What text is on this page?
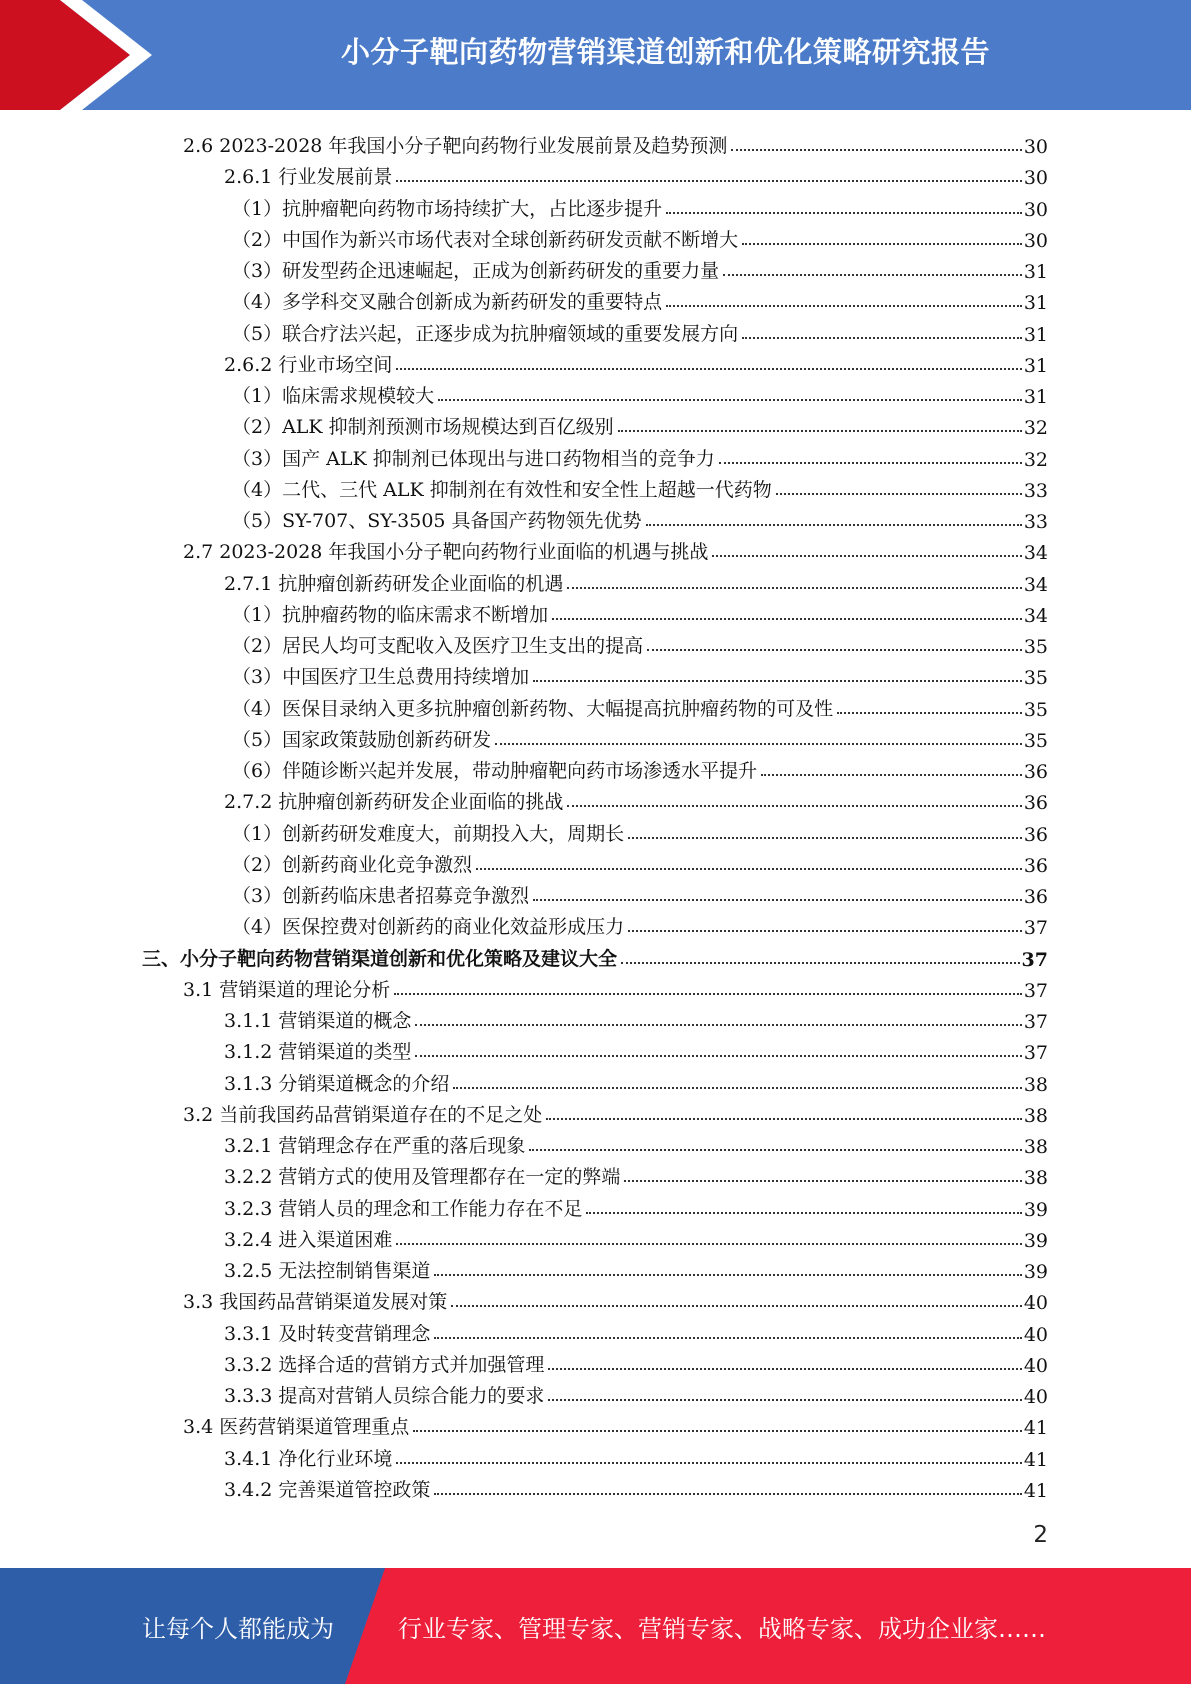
小分子靶向药物营销渠道创新和优化策略研究报告
2.6 2023-2028 年我国小分子靶向药物行业发展前景及趋势预测	30
2.6.1 行业发展前景	30
（1）抗肿瘤靶向药物市场持续扩大，占比逐步提升	30
（2）中国作为新兴市场代表对全球创新药研发贡献不断增大	30
（3）研发型药企迅速崛起，正成为创新药研发的重要力量	31
（4）多学科交叉融合创新成为新药研发的重要特点	31
（5）联合疗法兴起，正逐步成为抗肿瘤领域的重要发展方向	31
2.6.2 行业市场空间	31
（1）临床需求规模较大	31
（2）ALK 抑制剂预测市场规模达到百亿级别	32
（3）国产 ALK 抑制剂已体现出与进口药物相当的竞争力	32
（4）二代、三代 ALK 抑制剂在有效性和安全性上超越一代药物	33
（5）SY-707、SY-3505 具备国产药物领先优势	33
2.7 2023-2028 年我国小分子靶向药物行业面临的机遇与挑战	34
2.7.1 抗肿瘤创新药研发企业面临的机遇	34
（1）抗肿瘤药物的临床需求不断增加	34
（2）居民人均可支配收入及医疗卫生支出的提高	35
（3）中国医疗卫生总费用持续增加	35
（4）医保目录纳入更多抗肿瘤创新药物、大幅提高抗肿瘤药物的可及性	35
（5）国家政策鼓励创新药研发	35
（6）伴随诊断兴起并发展，带动肿瘤靶向药市场渗透水平提升	36
2.7.2 抗肿瘤创新药研发企业面临的挑战	36
（1）创新药研发难度大，前期投入大，周期长	36
（2）创新药商业化竞争激烈	36
（3）创新药临床患者招募竞争激烈	36
（4）医保控费对创新药的商业化效益形成压力	37
三、小分子靶向药物营销渠道创新和优化策略及建议大全	37
3.1 营销渠道的理论分析	37
3.1.1 营销渠道的概念	37
3.1.2 营销渠道的类型	37
3.1.3 分销渠道概念的介绍	38
3.2 当前我国药品营销渠道存在的不足之处	38
3.2.1 营销理念存在严重的落后现象	38
3.2.2 营销方式的使用及管理都存在一定的弊端	38
3.2.3 营销人员的理念和工作能力存在不足	39
3.2.4 进入渠道困难	39
3.2.5 无法控制销售渠道	39
3.3 我国药品营销渠道发展对策	40
3.3.1 及时转变营销理念	40
3.3.2 选择合适的营销方式并加强管理	40
3.3.3 提高对营销人员综合能力的要求	40
3.4 医药营销渠道管理重点	41
3.4.1 净化行业环境	41
3.4.2 完善渠道管控政策	41
2
让每个人都能成为	行业专家、管理专家、营销专家、战略专家、成功企业家……
